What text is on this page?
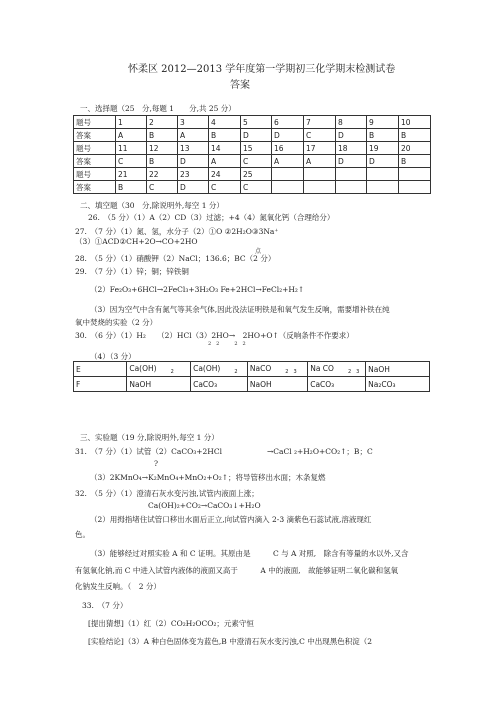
怀柔区 2012—2013 学年度第一学期初三化学期末检测试卷
答案
一、选择题（25　分,每题 1　　分,共 25 分）
题号	1	2	3	4	5	6	7	8	9	10
答案	A	B	A	B	D	D	C	D	B	B
题号	11	12	13	14	15	16	17	18	19	20
答案	C	B	D	A	C	A	A	D	D	B
题号	21	22	23	24	25					
答案	B	C	D	C	C					
二、填空题（30　分,除说明外,每空 1 分）
26.　（5 分）（1）A（2）CD（3）过滤；+4（4）氮氧化钙（合理给分）
27.　（7 分）（1）氮、氢，水分子（2）①O ②2H₂O③3Na⁺
（3）①ACD②CH+2O→CO+2HO
点
28.　（5 分）（1）硝酸钾（2）NaCl；136.6；BC（2 分）
29.　（7 分）（1）锌；铜；锌铁铜
（2）Fe₂O₃+6HCl→2FeCl₃+3H₂O₃ Fe+2HCl→FeCl₂+H₂↑
（3）因为空气中含有氮气等其余气体,因此没法证明铁是和氧气发生反响，需要增补铁在纯
氧中焚烧的实验（2 分）
30.　（6 分）（1）H₂　　（2）HCl（3）2HO→　2HO+O↑（反响条件不作要求）
2　2　　　2　2
（4）（3 分）
E	Ca(OH) $_2$	Ca(OH) $_2$	NaCO $_{2 3}$	Na CO $_{2 3}$	NaOH
F	NaOH	CaCO₃	NaOH	CaCO₃	Na₂CO₃
三、实验题（19 分,除说明外,每空 1 分）
31.　（7 分）（1）试管（2）CaCO₃+2HCl　　　　　　→CaCl ₂+H₂O+CO₂↑；B；C
?
（3）2KMnO₄→K₂MnO₄+MnO₂+O₂↑；将导管移出水面；木条复燃
32.　（5 分）（1）澄清石灰水变污浊,试管内液面上涨；
Ca(OH)₂+CO₂→CaCO₃↓+H₂O
（2）用拇指堵住试管口移出水面后正立,向试管内滴入 2-3 滴紫色石蕊试液,溶液现红
色。
（3）能够经过对照实验 A 和 C 证明。其原由是　　　C 与 A 对照,　除含有等量的水以外,又含
有氢氧化钠,而 C 中进入试管内液体的液面又高于　　　A 中的液面,　故能够证明二氧化碳和氢氧
化钠发生反响。（　2 分）
33.　（7 分）
[提出猜想]（1）红（2）CO₂H₂OCO₂；元素守恒
[实验结论]（3）A 种白色固体变为蓝色,B 中澄清石灰水变污浊,C 中出现黑色积淀（2
